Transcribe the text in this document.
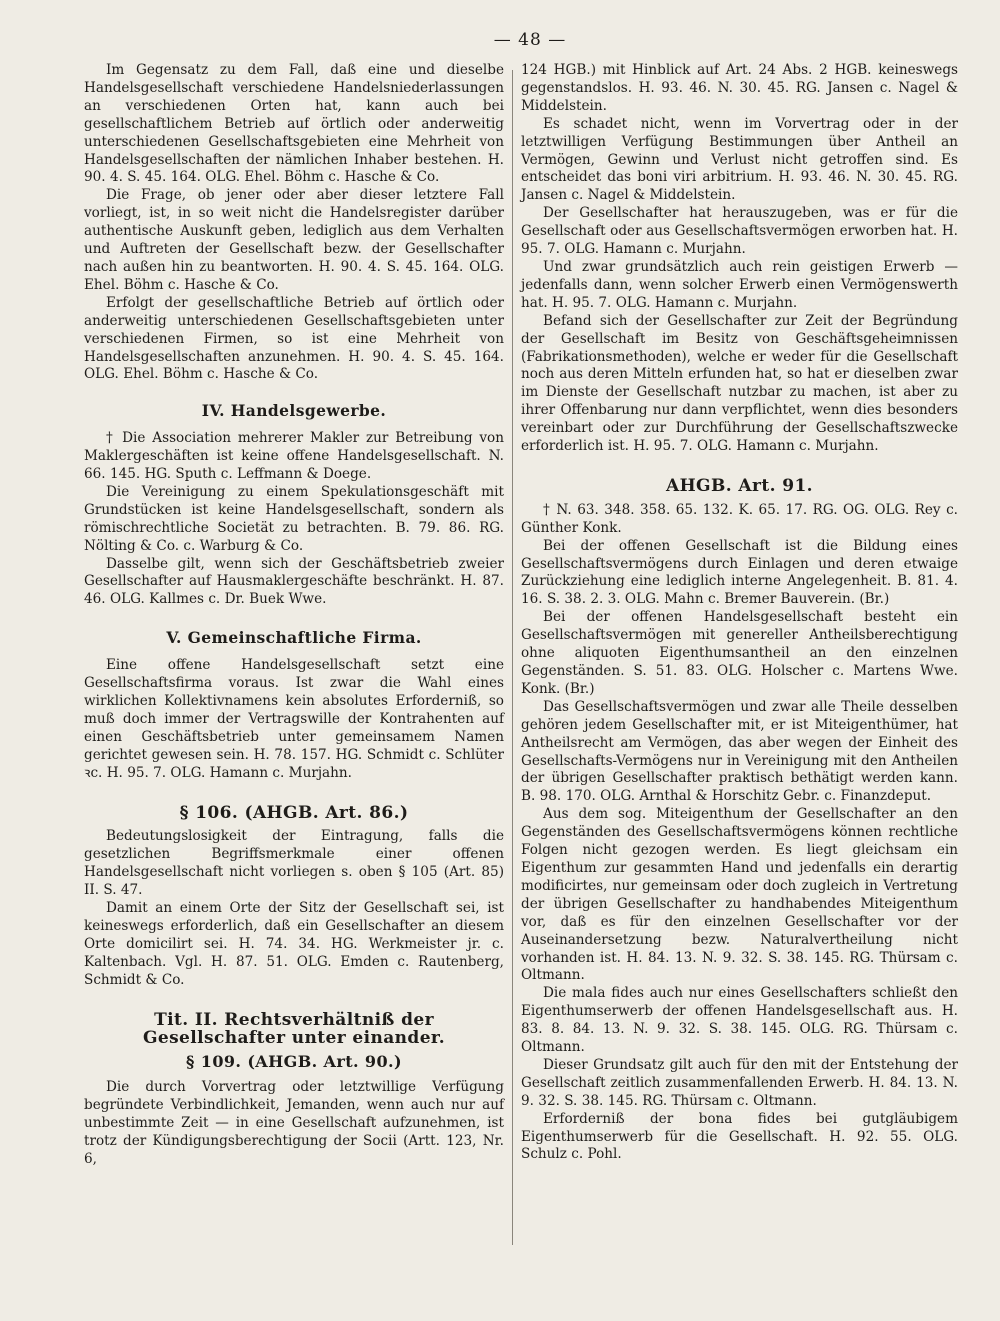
— 48 —

Im Gegensatz zu dem Fall, daß eine und dieselbe Handelsgesellschaft verschiedene Handelsniederlassungen an verschiedenen Orten hat, kann auch bei gesellschaftlichem Betrieb auf örtlich oder anderweitig unterschiedenen Gesellschaftsgebieten eine Mehrheit von Handelsgesellschaften der nämlichen Inhaber bestehen. H. 90. 4. S. 45. 164. OLG. Ehel. Böhm c. Hasche & Co.

Die Frage, ob jener oder aber dieser letztere Fall vorliegt, ist, in so weit nicht die Handelsregister darüber authentische Auskunft geben, lediglich aus dem Verhalten und Auftreten der Gesellschaft bezw. der Gesellschafter nach außen hin zu beantworten. H. 90. 4. S. 45. 164. OLG. Ehel. Böhm c. Hasche & Co.

Erfolgt der gesellschaftliche Betrieb auf örtlich oder anderweitig unterschiedenen Gesellschaftsgebieten unter verschiedenen Firmen, so ist eine Mehrheit von Handelsgesellschaften anzunehmen. H. 90. 4. S. 45. 164. OLG. Ehel. Böhm c. Hasche & Co.

IV. Handelsgewerbe.

† Die Association mehrerer Makler zur Betreibung von Maklergeschäften ist keine offene Handelsgesellschaft. N. 66. 145. HG. Sputh c. Leffmann & Doege.

Die Vereinigung zu einem Spekulationsgeschäft mit Grundstücken ist keine Handelsgesellschaft, sondern als römischrechtliche Societät zu betrachten. B. 79. 86. RG. Nölting & Co. c. Warburg & Co.

Dasselbe gilt, wenn sich der Geschäftsbetrieb zweier Gesellschafter auf Hausmaklergeschäfte beschränkt. H. 87. 46. OLG. Kallmes c. Dr. Buek Wwe.

V. Gemeinschaftliche Firma.

Eine offene Handelsgesellschaft setzt eine Gesellschaftsfirma voraus. Ist zwar die Wahl eines wirklichen Kollektivnamens kein absolutes Erforderniß, so muß doch immer der Vertragswille der Kontrahenten auf einen Geschäftsbetrieb unter gemeinsamem Namen gerichtet gewesen sein. H. 78. 157. HG. Schmidt c. Schlüter ꝛc. H. 95. 7. OLG. Hamann c. Murjahn.

§ 106. (AHGB. Art. 86.)

Bedeutungslosigkeit der Eintragung, falls die gesetzlichen Begriffsmerkmale einer offenen Handelsgesellschaft nicht vorliegen s. oben § 105 (Art. 85) II. S. 47.

Damit an einem Orte der Sitz der Gesellschaft sei, ist keineswegs erforderlich, daß ein Gesellschafter an diesem Orte domicilirt sei. H. 74. 34. HG. Werkmeister jr. c. Kaltenbach. Vgl. H. 87. 51. OLG. Emden c. Rautenberg, Schmidt & Co.

Tit. II. Rechtsverhältniß der Gesellschafter unter einander.
§ 109. (AHGB. Art. 90.)

Die durch Vorvertrag oder letztwillige Verfügung begründete Verbindlichkeit, Jemanden, wenn auch nur auf unbestimmte Zeit — in eine Gesellschaft aufzunehmen, ist trotz der Kündigungsberechtigung der Socii (Artt. 123, Nr. 6,

124 HGB.) mit Hinblick auf Art. 24 Abs. 2 HGB. keineswegs gegenstandslos. H. 93. 46. N. 30. 45. RG. Jansen c. Nagel & Middelstein.

Es schadet nicht, wenn im Vorvertrag oder in der letztwilligen Verfügung Bestimmungen über Antheil an Vermögen, Gewinn und Verlust nicht getroffen sind. Es entscheidet das boni viri arbitrium. H. 93. 46. N. 30. 45. RG. Jansen c. Nagel & Middelstein.

Der Gesellschafter hat herauszugeben, was er für die Gesellschaft oder aus Gesellschaftsvermögen erworben hat. H. 95. 7. OLG. Hamann c. Murjahn.

Und zwar grundsätzlich auch rein geistigen Erwerb — jedenfalls dann, wenn solcher Erwerb einen Vermögenswerth hat. H. 95. 7. OLG. Hamann c. Murjahn.

Befand sich der Gesellschafter zur Zeit der Begründung der Gesellschaft im Besitz von Geschäftsgeheimnissen (Fabrikationsmethoden), welche er weder für die Gesellschaft noch aus deren Mitteln erfunden hat, so hat er dieselben zwar im Dienste der Gesellschaft nutzbar zu machen, ist aber zu ihrer Offenbarung nur dann verpflichtet, wenn dies besonders vereinbart oder zur Durchführung der Gesellschaftszwecke erforderlich ist. H. 95. 7. OLG. Hamann c. Murjahn.

AHGB. Art. 91.

† N. 63. 348. 358. 65. 132. K. 65. 17. RG. OG. OLG. Rey c. Günther Konk.

Bei der offenen Gesellschaft ist die Bildung eines Gesellschaftsvermögens durch Einlagen und deren etwaige Zurückziehung eine lediglich interne Angelegenheit. B. 81. 4. 16. S. 38. 2. 3. OLG. Mahn c. Bremer Bauverein. (Br.)

Bei der offenen Handelsgesellschaft besteht ein Gesellschaftsvermögen mit genereller Antheilsberechtigung ohne aliquoten Eigenthumsantheil an den einzelnen Gegenständen. S. 51. 83. OLG. Holscher c. Martens Wwe. Konk. (Br.)

Das Gesellschaftsvermögen und zwar alle Theile desselben gehören jedem Gesellschafter mit, er ist Miteigenthümer, hat Antheilsrecht am Vermögen, das aber wegen der Einheit des Gesellschafts-Vermögens nur in Vereinigung mit den Antheilen der übrigen Gesellschafter praktisch bethätigt werden kann. B. 98. 170. OLG. Arnthal & Horschitz Gebr. c. Finanzdeput.

Aus dem sog. Miteigenthum der Gesellschafter an den Gegenständen des Gesellschaftsvermögens können rechtliche Folgen nicht gezogen werden. Es liegt gleichsam ein Eigenthum zur gesammten Hand und jedenfalls ein derartig modificirtes, nur gemeinsam oder doch zugleich in Vertretung der übrigen Gesellschafter zu handhabendes Miteigenthum vor, daß es für den einzelnen Gesellschafter vor der Auseinandersetzung bezw. Naturalvertheilung nicht vorhanden ist. H. 84. 13. N. 9. 32. S. 38. 145. RG. Thürsam c. Oltmann.

Die mala fides auch nur eines Gesellschafters schließt den Eigenthumserwerb der offenen Handelsgesellschaft aus. H. 83. 8. 84. 13. N. 9. 32. S. 38. 145. OLG. RG. Thürsam c. Oltmann.

Dieser Grundsatz gilt auch für den mit der Entstehung der Gesellschaft zeitlich zusammenfallenden Erwerb. H. 84. 13. N. 9. 32. S. 38. 145. RG. Thürsam c. Oltmann.

Erforderniß der bona fides bei gutgläubigem Eigenthumserwerb für die Gesellschaft. H. 92. 55. OLG. Schulz c. Pohl.
